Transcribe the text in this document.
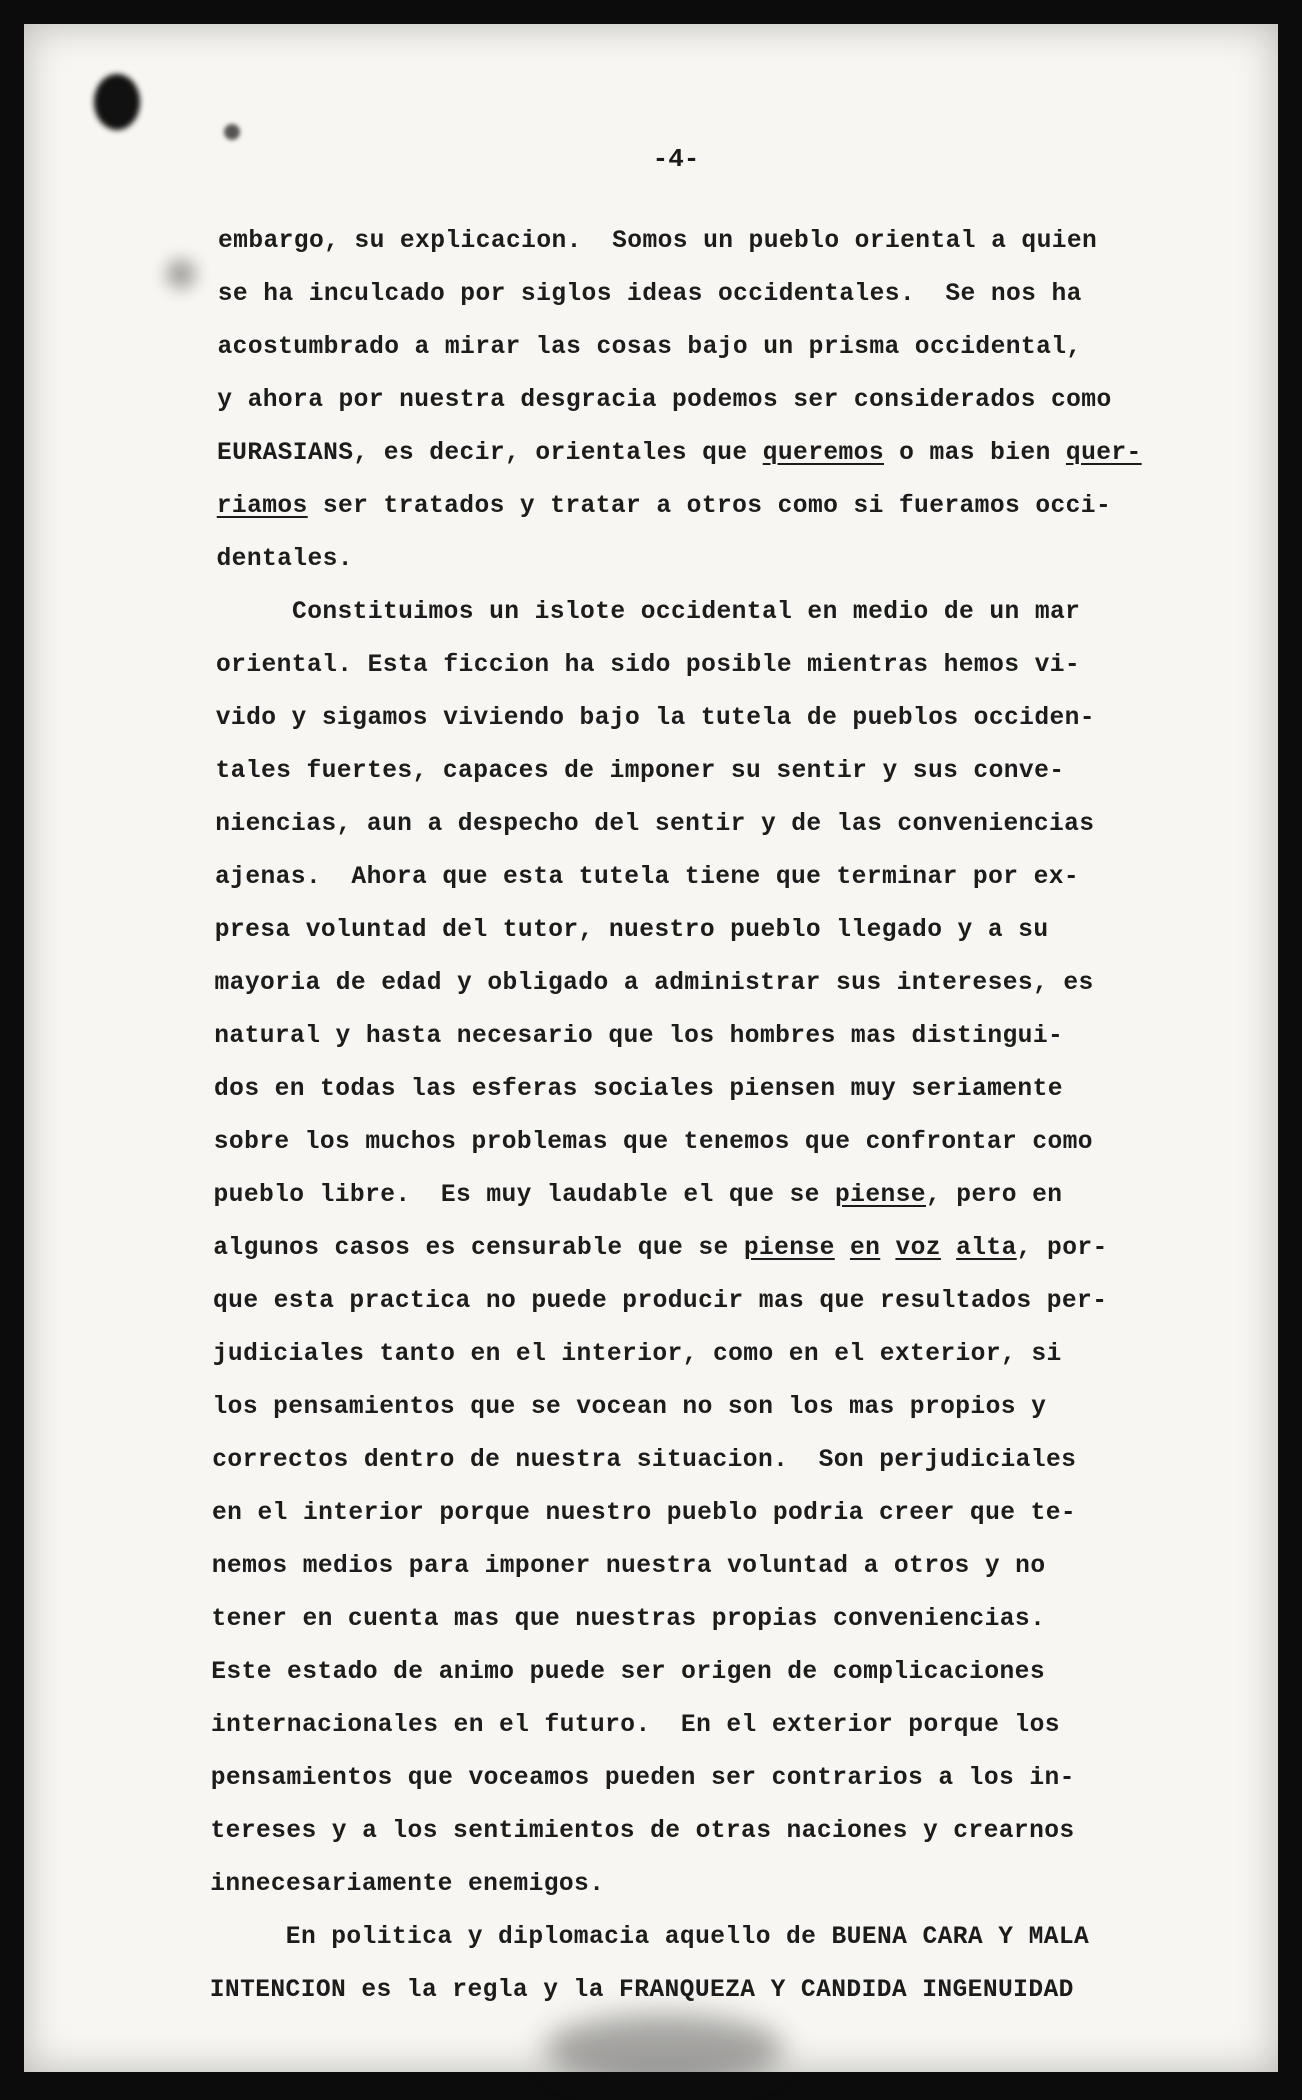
-4-
embargo, su explicacion.  Somos un pueblo oriental a quien
se ha inculcado por siglos ideas occidentales.  Se nos ha
acostumbrado a mirar las cosas bajo un prisma occidental,
y ahora por nuestra desgracia podemos ser considerados como
EURASIANS, es decir, orientales que queremos o mas bien quer-
riamos ser tratados y tratar a otros como si fueramos occi-
dentales.
Constituimos un islote occidental en medio de un mar
oriental. Esta ficcion ha sido posible mientras hemos vi-
vido y sigamos viviendo bajo la tutela de pueblos occiden-
tales fuertes, capaces de imponer su sentir y sus conve-
niencias, aun a despecho del sentir y de las conveniencias
ajenas.  Ahora que esta tutela tiene que terminar por ex-
presa voluntad del tutor, nuestro pueblo llegado y a su
mayoria de edad y obligado a administrar sus intereses, es
natural y hasta necesario que los hombres mas distingui-
dos en todas las esferas sociales piensen muy seriamente
sobre los muchos problemas que tenemos que confrontar como
pueblo libre.  Es muy laudable el que se piense, pero en
algunos casos es censurable que se piense en voz alta, por-
que esta practica no puede producir mas que resultados per-
judiciales tanto en el interior, como en el exterior, si
los pensamientos que se vocean no son los mas propios y
correctos dentro de nuestra situacion.  Son perjudiciales
en el interior porque nuestro pueblo podria creer que te-
nemos medios para imponer nuestra voluntad a otros y no
tener en cuenta mas que nuestras propias conveniencias.
Este estado de animo puede ser origen de complicaciones
internacionales en el futuro.  En el exterior porque los
pensamientos que voceamos pueden ser contrarios a los in-
tereses y a los sentimientos de otras naciones y crearnos
innecesariamente enemigos.
En politica y diplomacia aquello de BUENA CARA Y MALA
INTENCION es la regla y la FRANQUEZA Y CANDIDA INGENUIDAD
